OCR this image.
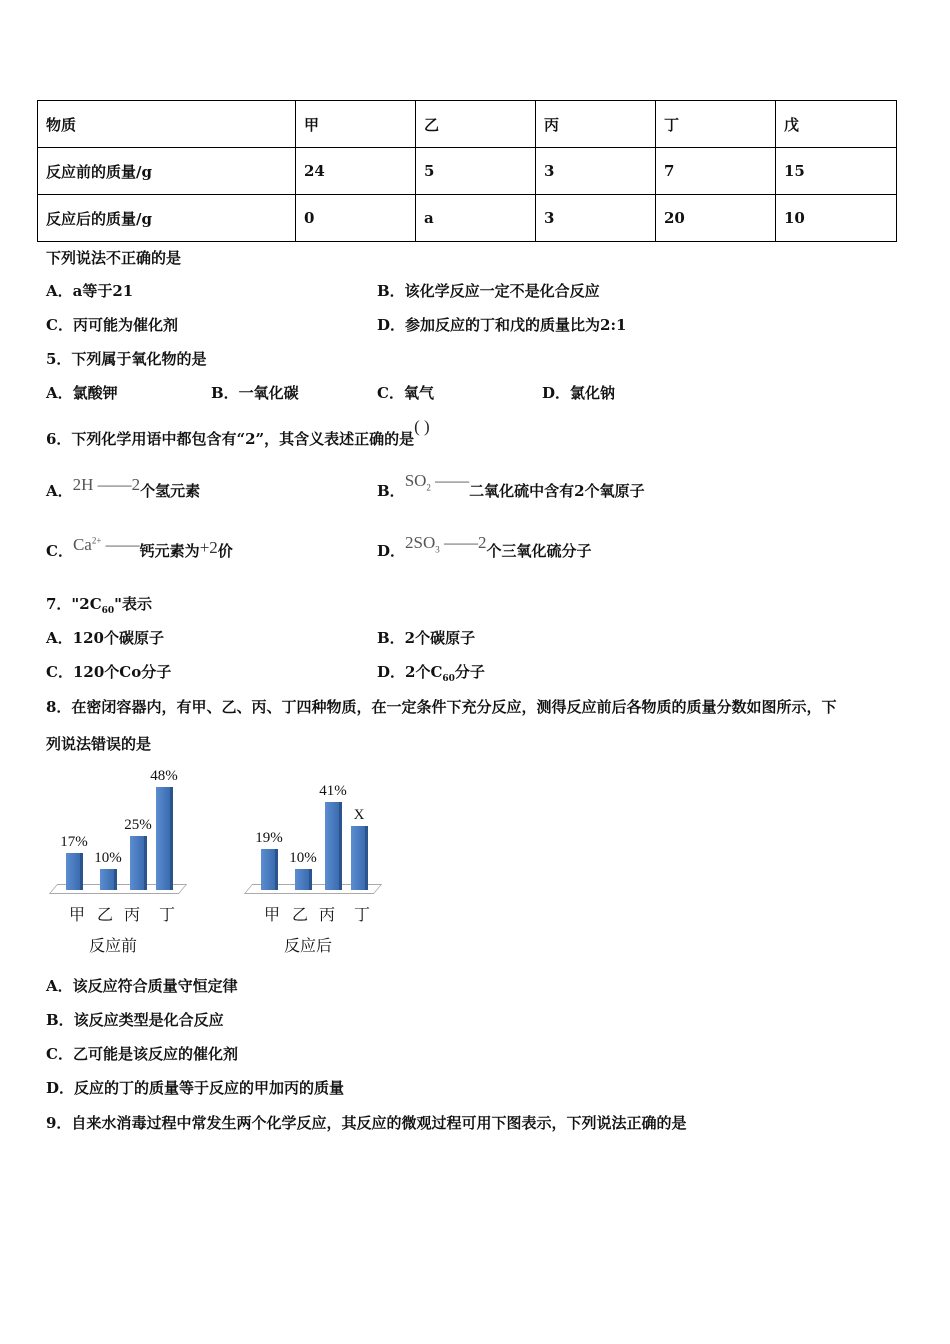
物质	甲	乙	丙	丁	戊
反应前的质量/g	24	5	3	7	15
反应后的质量/g	0	a	3	20	10
下列说法不正确的是
A．a等于21	B．该化学反应一定不是化合反应
C．丙可能为催化剂	D．参加反应的丁和戊的质量比为2:1
5．下列属于氧化物的是
A．氯酸钾	B．一氧化碳	C．氧气	D．氯化钠
6．下列化学用语中都包含有“2”，其含义表述正确的是( )
A．2H ——2个氢元素	B．$SO_2$ ——二氧化硫中含有2个氧原子
C．$Ca^{2+}$ ——钙元素为+2价	D．$2SO_3$ ——2个三氧化硫分子
7．"$2C_{60}$"表示
A．120个碳原子	B．2个碳原子
C．120个Co分子	D．2个$C_{60}$分子
8．在密闭容器内，有甲、乙、丙、丁四种物质，在一定条件下充分反应，测得反应前后各物质的质量分数如图所示，下
列说法错误的是
17%
甲
10%
乙
25%
丙
48%
丁
反应前
19%
甲
10%
乙
41%
丙
X
丁
反应后
A．该反应符合质量守恒定律
B．该反应类型是化合反应
C．乙可能是该反应的催化剂
D．反应的丁的质量等于反应的甲加丙的质量
9．自来水消毒过程中常发生两个化学反应，其反应的微观过程可用下图表示，下列说法正确的是
